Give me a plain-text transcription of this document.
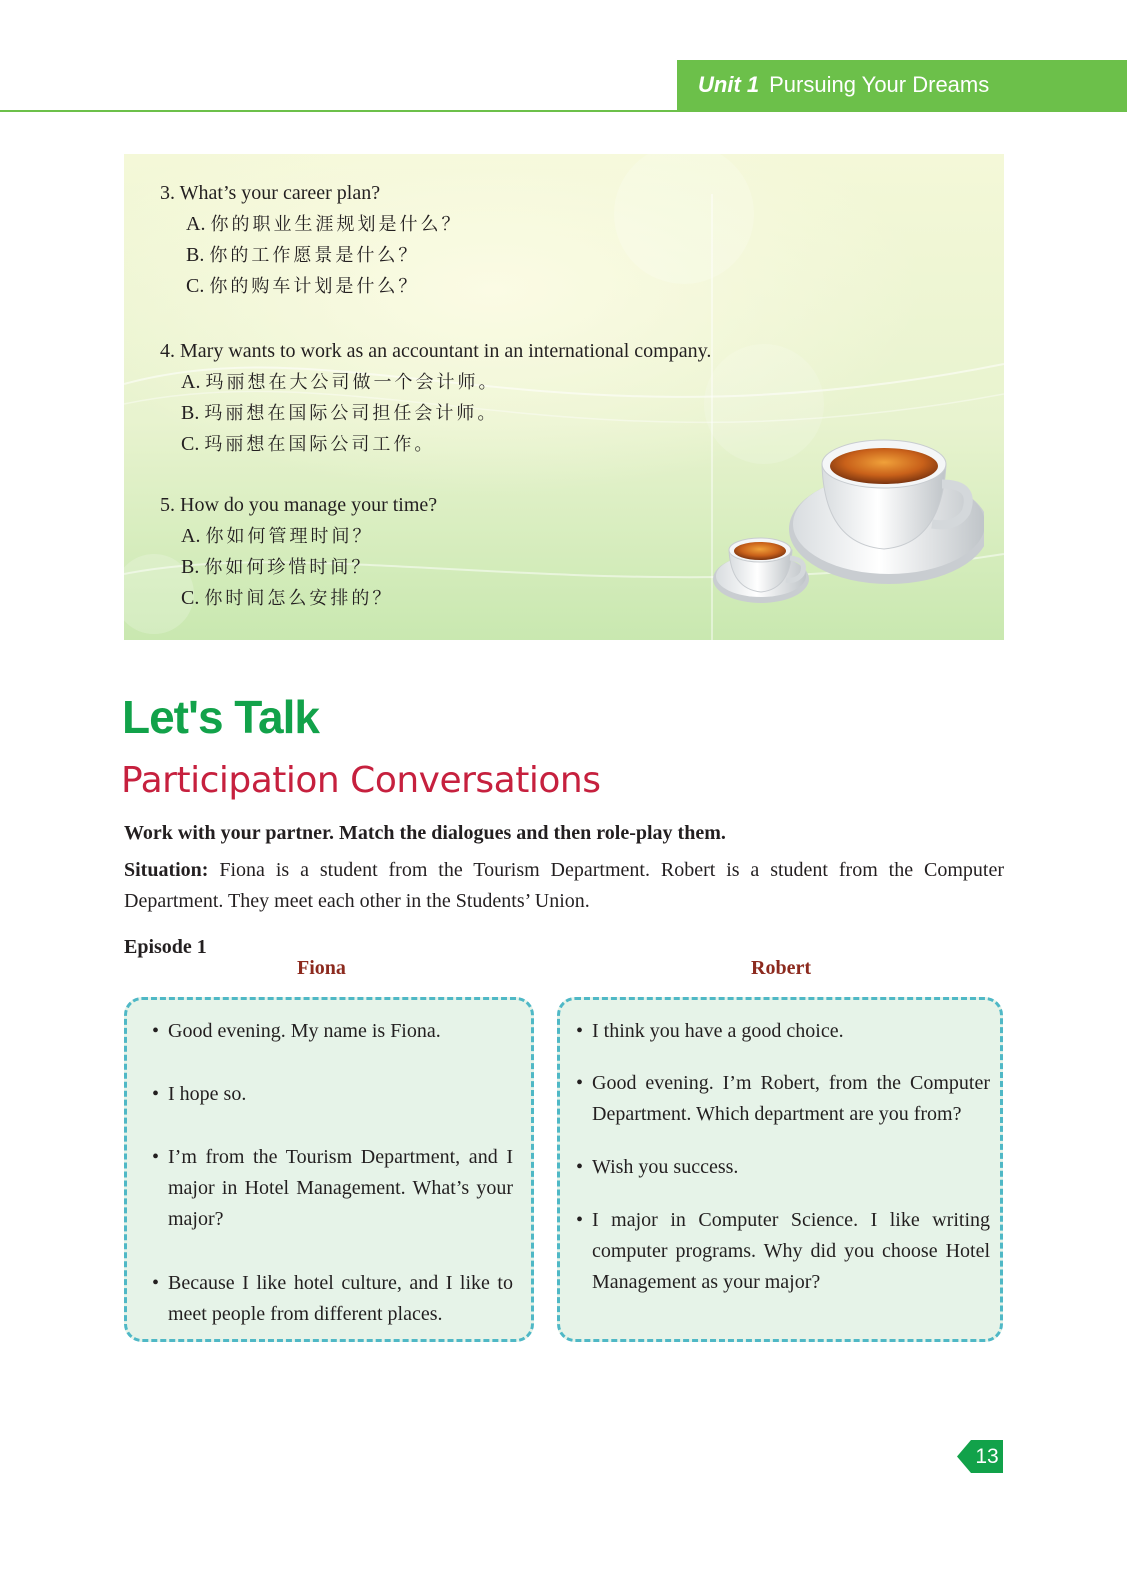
Unit 1 Pursuing Your Dreams
3. What’s your career plan?
A. 你的职业生涯规划是什么？
B. 你的工作愿景是什么？
C. 你的购车计划是什么？
4. Mary wants to work as an accountant in an international company.
A. 玛丽想在大公司做一个会计师。
B. 玛丽想在国际公司担任会计师。
C. 玛丽想在国际公司工作。
5. How do you manage your time?
A. 你如何管理时间？
B. 你如何珍惜时间？
C. 你时间怎么安排的？
Let's Talk
Participation Conversations
Work with your partner. Match the dialogues and then role-play them.
Situation: Fiona is a student from the Tourism Department. Robert is a student from the Computer Department. They meet each other in the Students’ Union.
Episode 1
Fiona	Robert
• Good evening. My name is Fiona.
• I hope so.
• I’m from the Tourism Department, and I major in Hotel Management. What’s your major?
• Because I like hotel culture, and I like to meet people from different places.
• I think you have a good choice.
• Good evening. I’m Robert, from the Computer Department. Which department are you from?
• Wish you success.
• I major in Computer Science. I like writing computer programs. Why did you choose Hotel Management as your major?
13
